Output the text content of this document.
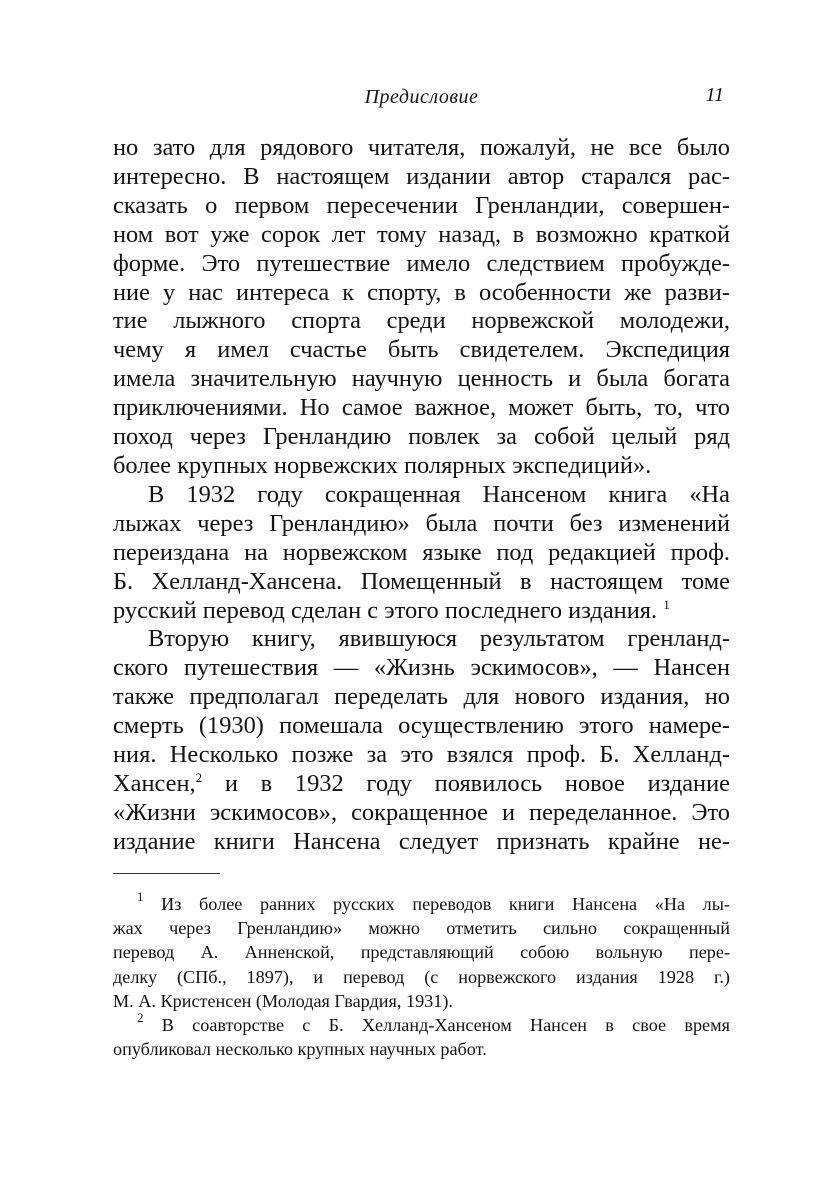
Предисловие	11

но зато для рядового читателя, пожалуй, не все было
интересно. В настоящем издании автор старался рас-
сказать о первом пересечении Гренландии, совершен-
ном вот уже сорок лет тому назад, в возможно краткой
форме. Это путешествие имело следствием пробужде-
ние у нас интереса к спорту, в особенности же разви-
тие лыжного спорта среди норвежской молодежи,
чему я имел счастье быть свидетелем. Экспедиция
имела значительную научную ценность и была богата
приключениями. Но самое важное, может быть, то, что
поход через Гренландию повлек за собой целый ряд
более крупных норвежских полярных экспедиций».

В 1932 году сокращенная Нансеном книга «На
лыжах через Гренландию» была почти без изменений
переиздана на норвежском языке под редакцией проф.
Б. Хелланд-Хансена. Помещенный в настоящем томе
русский перевод сделан с этого последнего издания. $^1$

Вторую книгу, явившуюся результатом гренланд-
ского путешествия — «Жизнь эскимосов», — Нансен
также предполагал переделать для нового издания, но
смерть (1930) помешала осуществлению этого намере-
ния. Несколько позже за это взялся проф. Б. Хелланд-
Хансен,$^2$ и в 1932 году появилось новое издание
«Жизни эскимосов», сокращенное и переделанное. Это
издание книги Нансена следует признать крайне не-

$^1$ Из более ранних русских переводов книги Нансена «На лы-
жах через Гренландию» можно отметить сильно сокращенный
перевод А. Анненской, представляющий собою вольную пере-
делку (СПб., 1897), и перевод (с норвежского издания 1928 г.)
М. А. Кристенсен (Молодая Гвардия, 1931).

$^2$ В соавторстве с Б. Хелланд-Хансеном Нансен в свое время
опубликовал несколько крупных научных работ.
